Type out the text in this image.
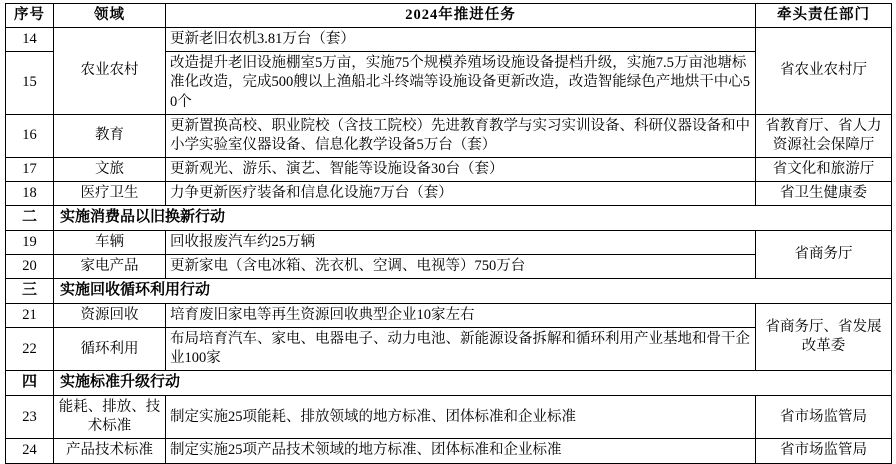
序号	领域	2024年推进任务	牵头责任部门
14	农业农村	更新老旧农机3.81万台（套）	省农业农村厅
15		改造提升老旧设施棚室5万亩，实施75个规模养殖场设施设备提档升级，实施7.5万亩池塘标准化改造，完成500艘以上渔船北斗终端等设施设备更新改造，改造智能绿色产地烘干中心50个	
16	教育	更新置换高校、职业院校（含技工院校）先进教育教学与实习实训设备、科研仪器设备和中小学实验室仪器设备、信息化教学设备5万台（套）	省教育厅、省人力资源社会保障厅
17	文旅	更新观光、游乐、演艺、智能等设施设备30台（套）	省文化和旅游厅
18	医疗卫生	力争更新医疗装备和信息化设施7万台（套）	省卫生健康委
二	实施消费品以旧换新行动		
19	车辆	回收报废汽车约25万辆	省商务厅
20	家电产品	更新家电（含电冰箱、洗衣机、空调、电视等）750万台	
三	实施回收循环利用行动		
21	资源回收	培育废旧家电等再生资源回收典型企业10家左右	省商务厅、省发展改革委
22	循环利用	布局培育汽车、家电、电器电子、动力电池、新能源设备拆解和循环利用产业基地和骨干企业100家	
四	实施标准升级行动		
23	能耗、排放、技术标准	制定实施25项能耗、排放领域的地方标准、团体标准和企业标准	省市场监管局
24	产品技术标准	制定实施25项产品技术领域的地方标准、团体标准和企业标准	省市场监管局
